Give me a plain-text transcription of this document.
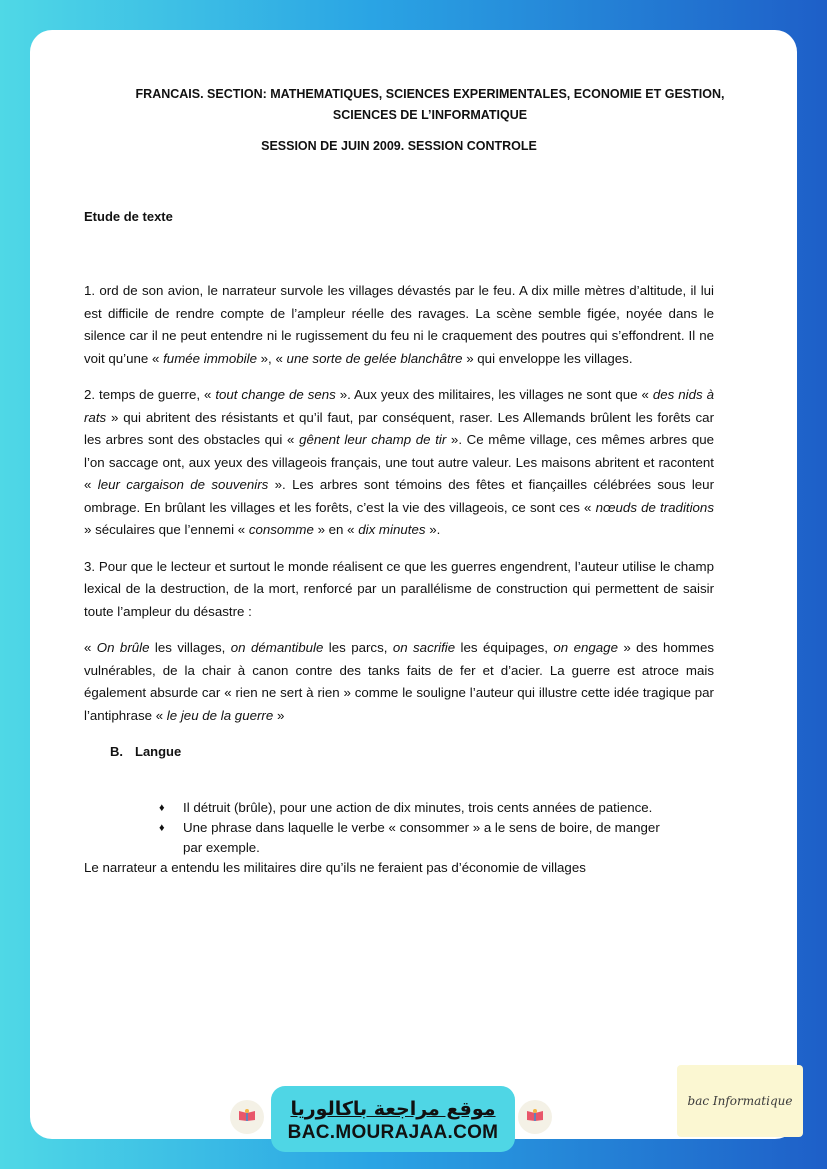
FRANCAIS. SECTION: MATHEMATIQUES, SCIENCES EXPERIMENTALES, ECONOMIE ET GESTION, SCIENCES DE L’INFORMATIQUE
SESSION DE JUIN 2009. SESSION CONTROLE
Etude de texte

1. ord de son avion, le narrateur survole les villages dévastés par le feu. A dix mille mètres d’altitude, il lui est difficile de rendre compte de l’ampleur réelle des ravages. La scène semble figée, noyée dans le silence car il ne peut entendre ni le rugissement du feu ni le craquement des poutres qui s’effondrent. Il ne voit qu’une « fumée immobile », « une sorte de gelée blanchâtre » qui enveloppe les villages.

2. temps de guerre, « tout change de sens ». Aux yeux des militaires, les villages ne sont que « des nids à rats » qui abritent des résistants et qu’il faut, par conséquent, raser. Les Allemands brûlent les forêts car les arbres sont des obstacles qui « gênent leur champ de tir ». Ce même village, ces mêmes arbres que l’on saccage ont, aux yeux des villageois français, une tout autre valeur. Les maisons abritent et racontent « leur cargaison de souvenirs ». Les arbres sont témoins des fêtes et fiançailles célébrées sous leur ombrage. En brûlant les villages et les forêts, c’est la vie des villageois, ce sont ces « nœuds de traditions » séculaires que l’ennemi « consomme » en « dix minutes ».

3. Pour que le lecteur et surtout le monde réalisent ce que les guerres engendrent, l’auteur utilise le champ lexical de la destruction, de la mort, renforcé par un parallélisme de construction qui permettent de saisir toute l’ampleur du désastre :

« On brûle les villages, on démantibule les parcs, on sacrifie les équipages, on engage » des hommes vulnérables, de la chair à canon contre des tanks faits de fer et d’acier. La guerre est atroce mais également absurde car « rien ne sert à rien » comme le souligne l’auteur qui illustre cette idée tragique par l’antiphrase « le jeu de la guerre »

B. Langue
♦ Il détruit (brûle), pour une action de dix minutes, trois cents années de patience.
♦ Une phrase dans laquelle le verbe « consommer » a le sens de boire, de manger par exemple.

Le narrateur a entendu les militaires dire qu’ils ne feraient pas d’économie de villages

موقع مراجعة باكالوريا
BAC.MOURAJAA.COM
bac Informatique
